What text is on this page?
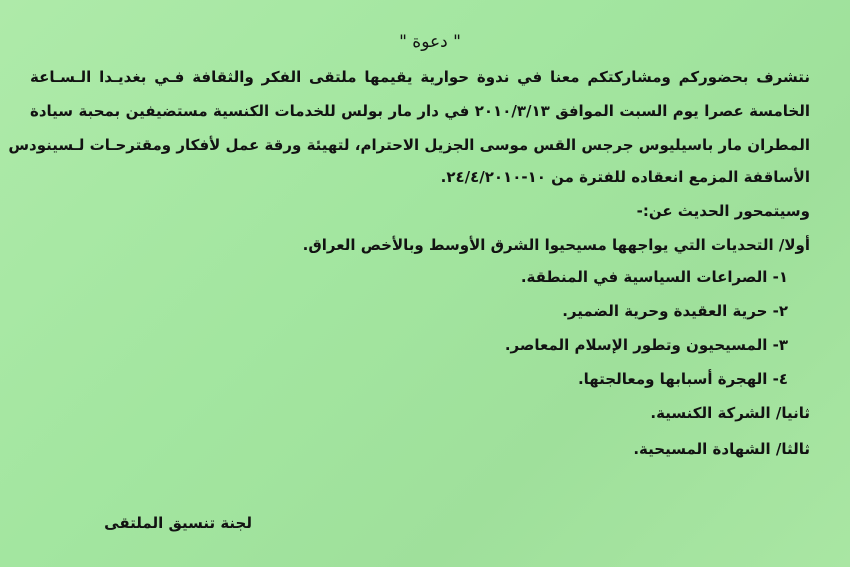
" دعوة "
نتشرف بحضوركم ومشاركتكم معنا في ندوة حوارية يقيمها ملتقى الفكر والثقافة فـي بغديـدا الـسـاعة
الخامسة عصرا يوم السبت الموافق ٢٠١٠/٣/١٣ في دار مار بولس للخدمات الكنسية مستضيفين بمحبة سيادة
المطران مار باسيليوس جرجس القس موسى الجزيل الاحترام، لتهيئة ورقة عمل لأفكار ومقترحـات لـسينودس
الأساقفة المزمع انعقاده للفترة من ١٠-٢٤/٤/٢٠١٠.
وسيتمحور الحديث عن:-
أولا/ التحديات التي يواجهها مسيحيوا الشرق الأوسط وبالأخص العراق.
١- الصراعات السياسية في المنطقة.
٢- حرية العقيدة وحرية الضمير.
٣- المسيحيون وتطور الإسلام المعاصر.
٤- الهجرة أسبابها ومعالجتها.
ثانيا/ الشركة الكنسية.
ثالثا/ الشهادة المسيحية.
لجنة تنسيق الملتقى
